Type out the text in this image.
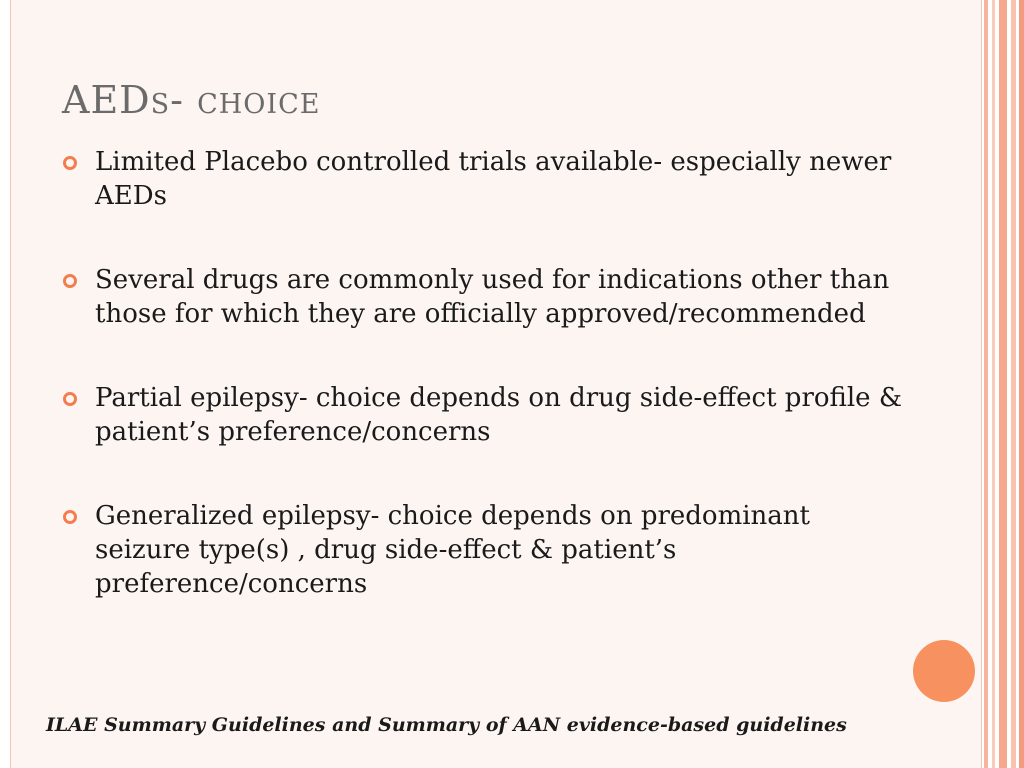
AEDs- choice
Limited Placebo controlled trials available- especially newer AEDs
Several drugs are commonly used for indications other than those for which they are officially approved/recommended
Partial epilepsy- choice depends on drug side-effect profile & patient’s preference/concerns
Generalized epilepsy- choice depends on predominant seizure type(s) , drug side-effect & patient’s preference/concerns
ILAE Summary Guidelines and Summary of AAN evidence-based guidelines
